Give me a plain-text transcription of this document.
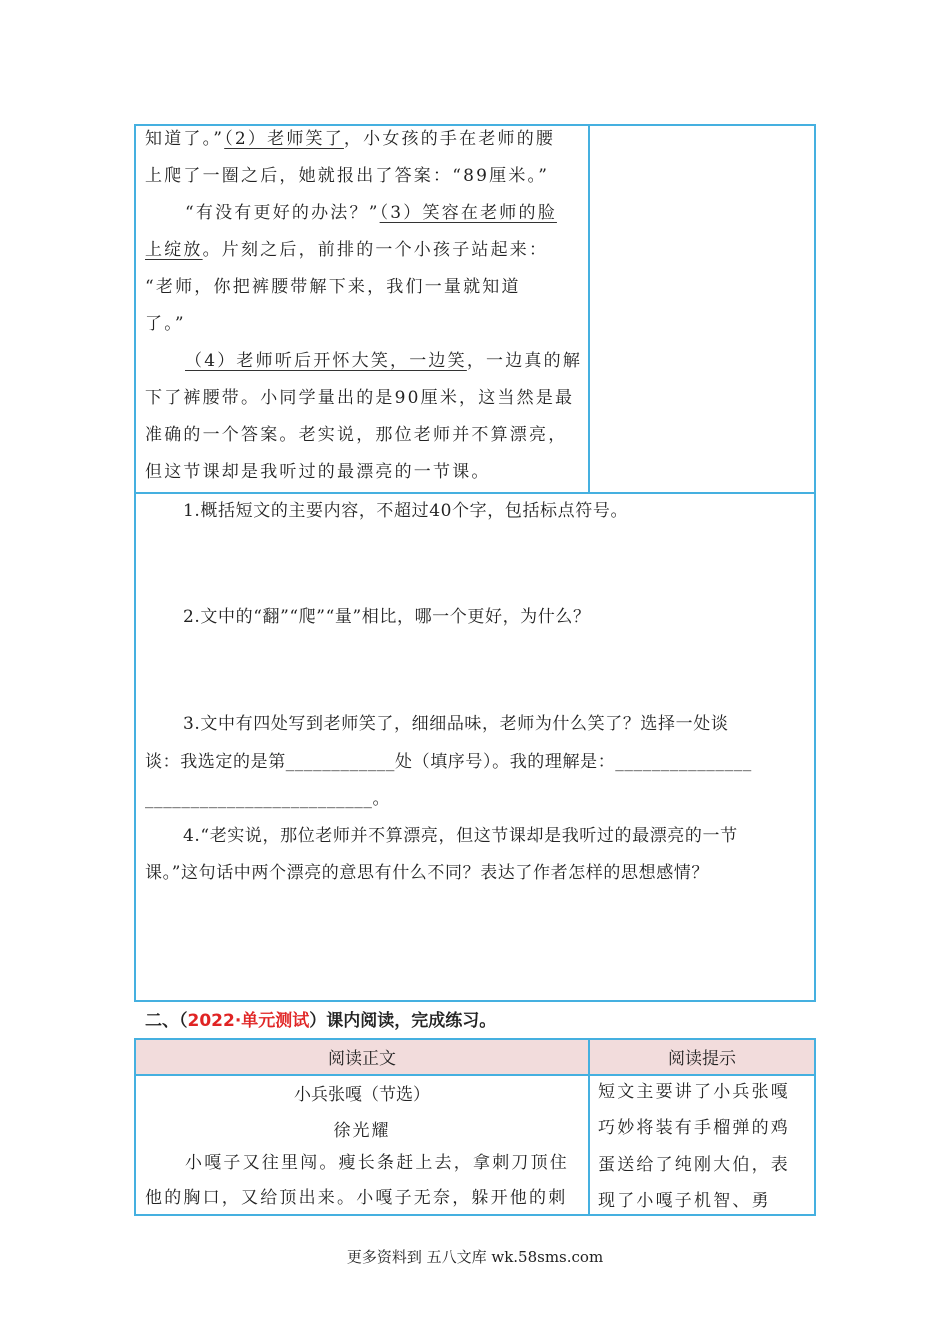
知道了。”（2）老师笑了，小女孩的手在老师的腰
上爬了一圈之后，她就报出了答案：“89厘米。”
“有没有更好的办法？”（3）笑容在老师的脸
上绽放。片刻之后，前排的一个小孩子站起来：
“老师，你把裤腰带解下来，我们一量就知道
了。”
（4）老师听后开怀大笑，一边笑，一边真的解
下了裤腰带。小同学量出的是90厘米，这当然是最
准确的一个答案。老实说，那位老师并不算漂亮，
但这节课却是我听过的最漂亮的一节课。
1.概括短文的主要内容，不超过40个字，包括标点符号。
2.文中的“翻”“爬”“量”相比，哪一个更好，为什么？
3.文中有四处写到老师笑了，细细品味，老师为什么笑了？选择一处谈
谈：我选定的是第____________处（填序号）。我的理解是：_______________
_________________________。
4.“老实说，那位老师并不算漂亮，但这节课却是我听过的最漂亮的一节
课。”这句话中两个漂亮的意思有什么不同？表达了作者怎样的思想感情？
二、（2022·单元测试）课内阅读，完成练习。
阅读正文	阅读提示
小兵张嘎（节选）
徐光耀
小嘎子又往里闯。瘦长条赶上去，拿刺刀顶住
他的胸口，又给顶出来。小嘎子无奈，躲开他的刺
短文主要讲了小兵张嘎
巧妙将装有手榴弹的鸡
蛋送给了纯刚大伯，表
现了小嘎子机智、勇
更多资料到 五八文库 wk.58sms.com
